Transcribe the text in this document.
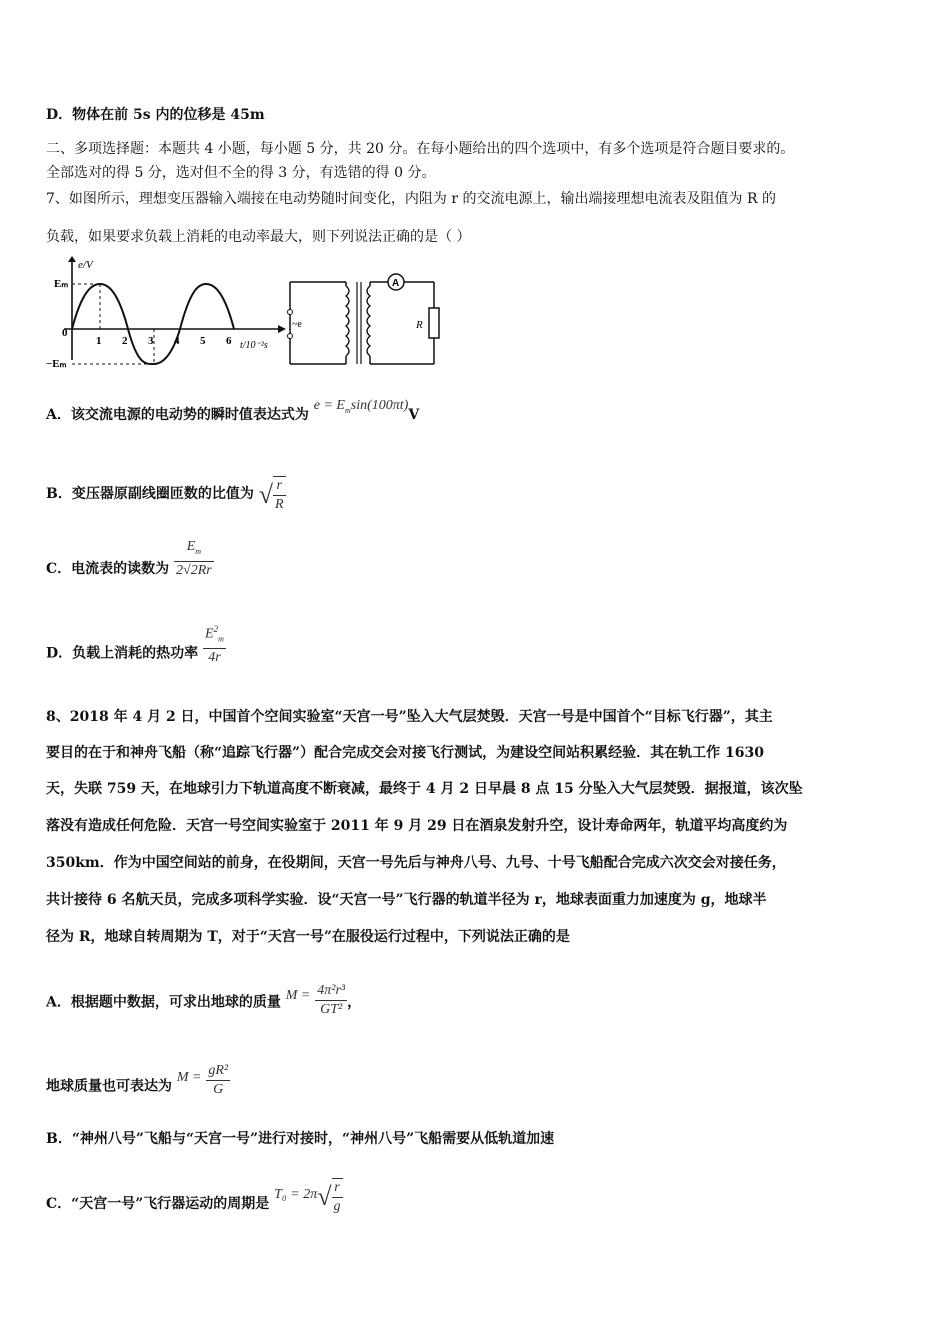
D．物体在前 5s 内的位移是 45m
二、多项选择题：本题共 4 小题，每小题 5 分，共 20 分。在每小题给出的四个选项中，有多个选项是符合题目要求的。
全部选对的得 5 分，选对但不全的得 3 分，有选错的得 0 分。
7、如图所示，理想变压器输入端接在电动势随时间变化，内阻为 r 的交流电源上，输出端接理想电流表及阻值为 R 的
负载，如果要求负载上消耗的电动率最大，则下列说法正确的是（ ）
e/V
Eₘ
−Eₘ
0
1 2 3 4 5 6 t/10⁻²s
~e
A
R
A．该交流电源的电动势的瞬时值表达式为 $e = E_m\sin(100\pi t)V$
B．变压器原副线圈匝数的比值为 √ $\frac{r}{R}$
C．电流表的读数为 $\frac{E_m}{2√2Rr}$
D．负载上消耗的热功率 $\frac{E^2_m}{4r}$
8、2018 年 4 月 2 日，中国首个空间实验室“天宫一号”坠入大气层焚毁．天宫一号是中国首个“目标飞行器”，其主
要目的在于和神舟飞船（称“追踪飞行器”）配合完成交会对接飞行测试，为建设空间站积累经验．其在轨工作 1630
天，失联 759 天，在地球引力下轨道高度不断衰减，最终于 4 月 2 日早晨 8 点 15 分坠入大气层焚毁．据报道，该次坠
落没有造成任何危险．天宫一号空间实验室于 2011 年 9 月 29 日在酒泉发射升空，设计寿命两年，轨道平均高度约为
350km．作为中国空间站的前身，在役期间，天宫一号先后与神舟八号、九号、十号飞船配合完成六次交会对接任务，
共计接待 6 名航天员，完成多项科学实验．设“天宫一号”飞行器的轨道半径为 r，地球表面重力加速度为 g，地球半
径为 R，地球自转周期为 T，对于“天宫一号”在服役运行过程中，下列说法正确的是
A．根据题中数据，可求出地球的质量 $M = \frac{\text{4π²r³}}{\text{GT²}}$ ，
地球质量也可表达为 $M = \frac{\text{gR²}}{G}$
B．“神州八号”飞船与“天宫一号”进行对接时，“神州八号”飞船需要从低轨道加速
C．“天宫一号”飞行器运动的周期是 $T_0 = 2\pi√ \frac{r}{g}$
